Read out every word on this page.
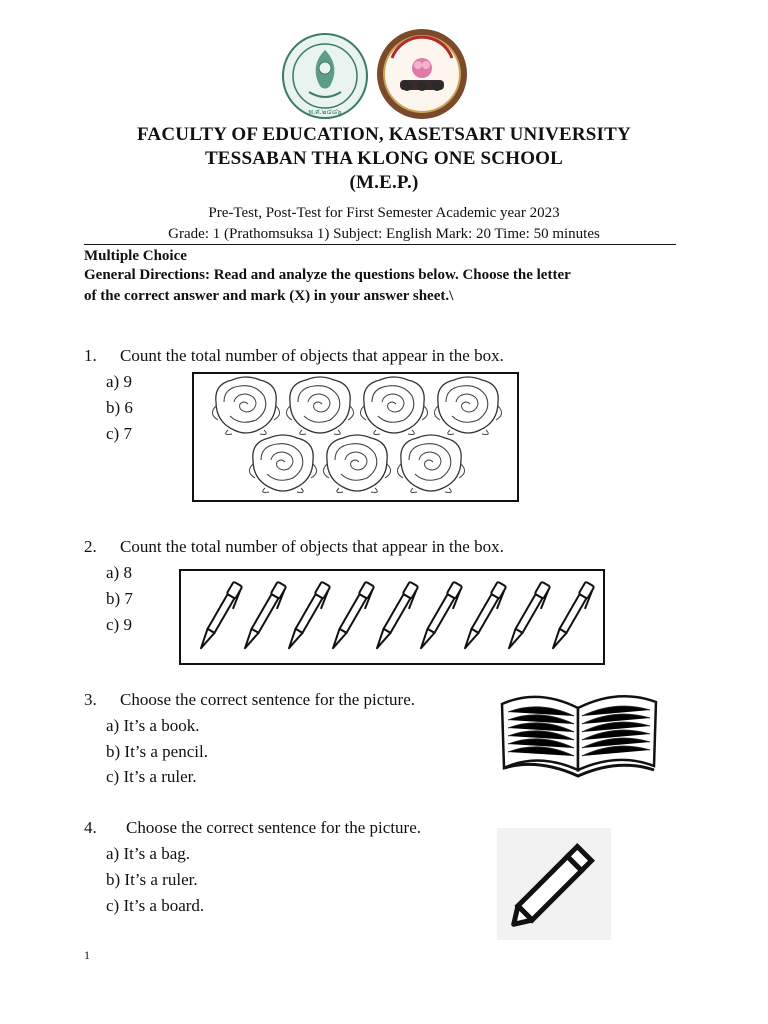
พ.ศ.๒๔๘๖
FACULTY OF EDUCATION, KASETSART UNIVERSITY
TESSABAN THA KLONG ONE SCHOOL
(M.E.P.)
Pre-Test, Post-Test for First Semester Academic year 2023
Grade: 1 (Prathomsuksa 1) Subject: English Mark: 20 Time: 50 minutes
Multiple Choice
General Directions: Read and analyze the questions below. Choose the letter
of the correct answer and mark (X) in your answer sheet.\
1. Count the total number of objects that appear in the box.
a) 9
b) 6
c) 7
2. Count the total number of objects that appear in the box.
a) 8
b) 7
c) 9
3. Choose the correct sentence for the picture.
a) It’s a book.
b) It’s a pencil.
c) It’s a ruler.
4. Choose the correct sentence for the picture.
a) It’s a bag.
b) It’s a ruler.
c) It’s a board.
1
